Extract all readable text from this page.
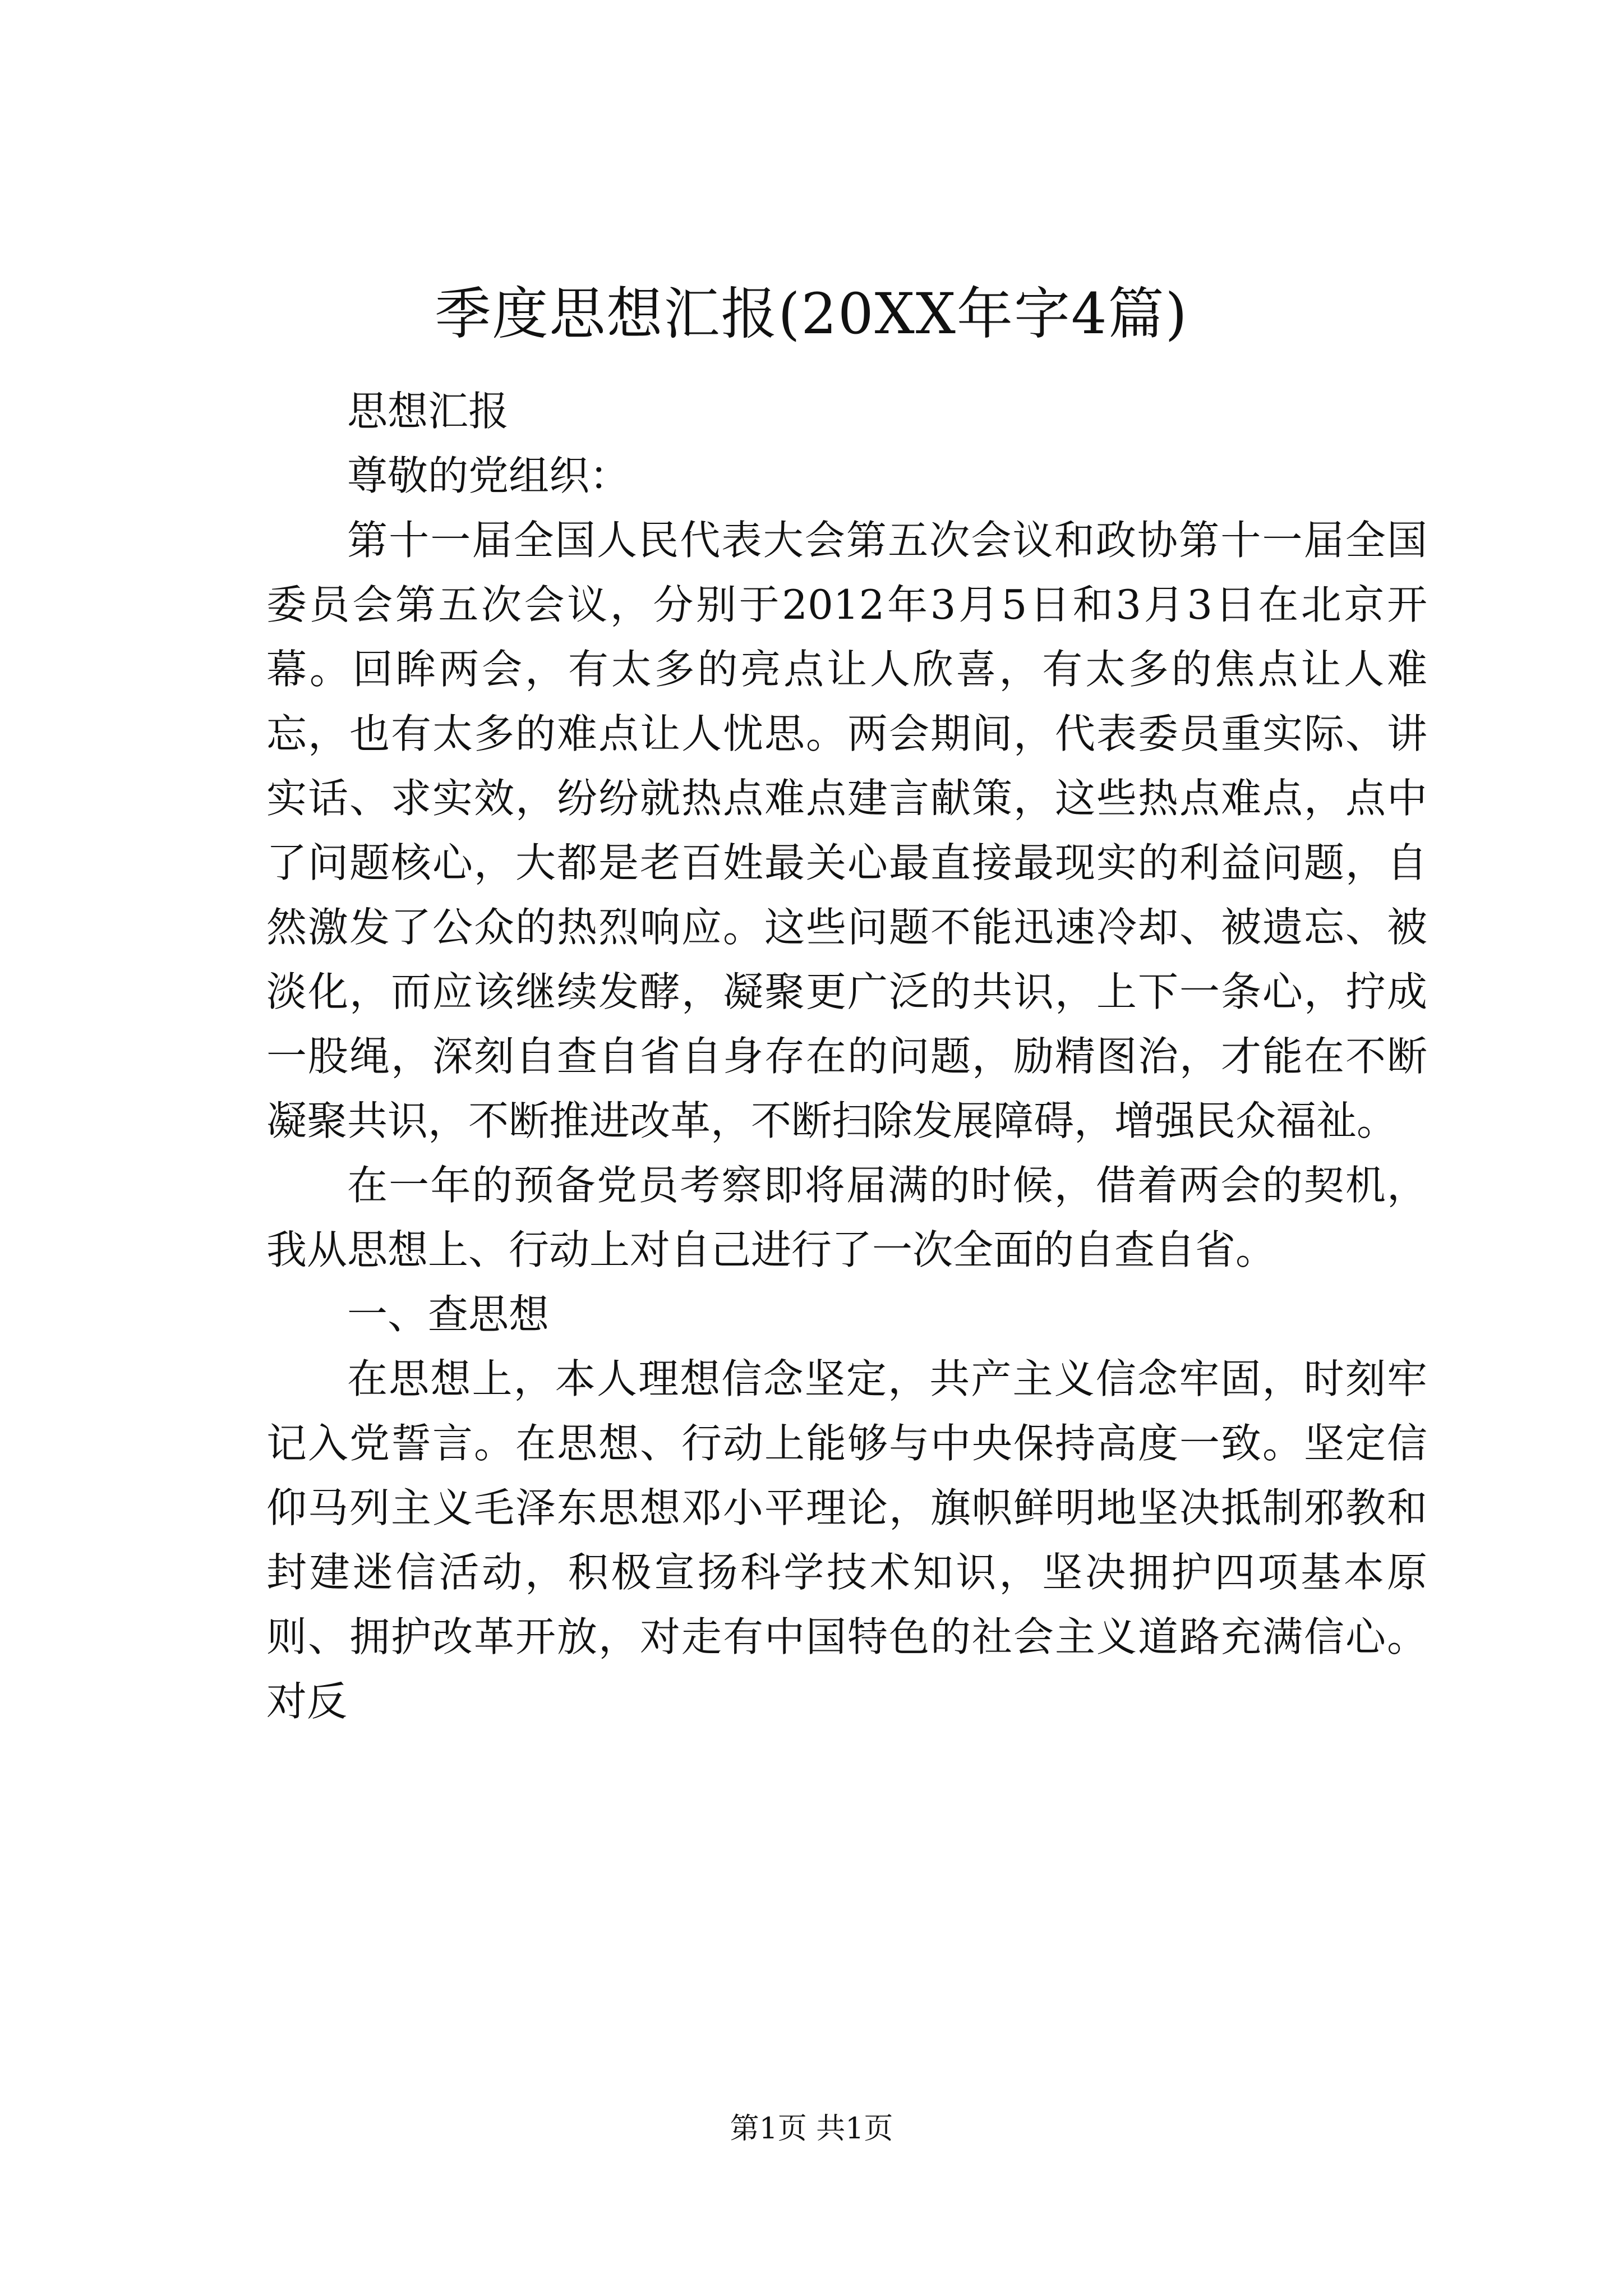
季度思想汇报(20XX年字4篇)

思想汇报

尊敬的党组织：

第十一届全国人民代表大会第五次会议和政协第十一届全国委员会第五次会议，分别于2012年3月5日和3月3日在北京开幕。回眸两会，有太多的亮点让人欣喜，有太多的焦点让人难忘，也有太多的难点让人忧思。两会期间，代表委员重实际、讲实话、求实效，纷纷就热点难点建言献策，这些热点难点，点中了问题核心，大都是老百姓最关心最直接最现实的利益问题，自然激发了公众的热烈响应。这些问题不能迅速冷却、被遗忘、被淡化，而应该继续发酵，凝聚更广泛的共识，上下一条心，拧成一股绳，深刻自查自省自身存在的问题，励精图治，才能在不断凝聚共识，不断推进改革，不断扫除发展障碍，增强民众福祉。

在一年的预备党员考察即将届满的时候，借着两会的契机，我从思想上、行动上对自己进行了一次全面的自查自省。

一、查思想

在思想上，本人理想信念坚定，共产主义信念牢固，时刻牢记入党誓言。在思想、行动上能够与中央保持高度一致。坚定信仰马列主义毛泽东思想邓小平理论，旗帜鲜明地坚决抵制邪教和封建迷信活动，积极宣扬科学技术知识，坚决拥护四项基本原则、拥护改革开放，对走有中国特色的社会主义道路充满信心。对反

第1页 共1页
